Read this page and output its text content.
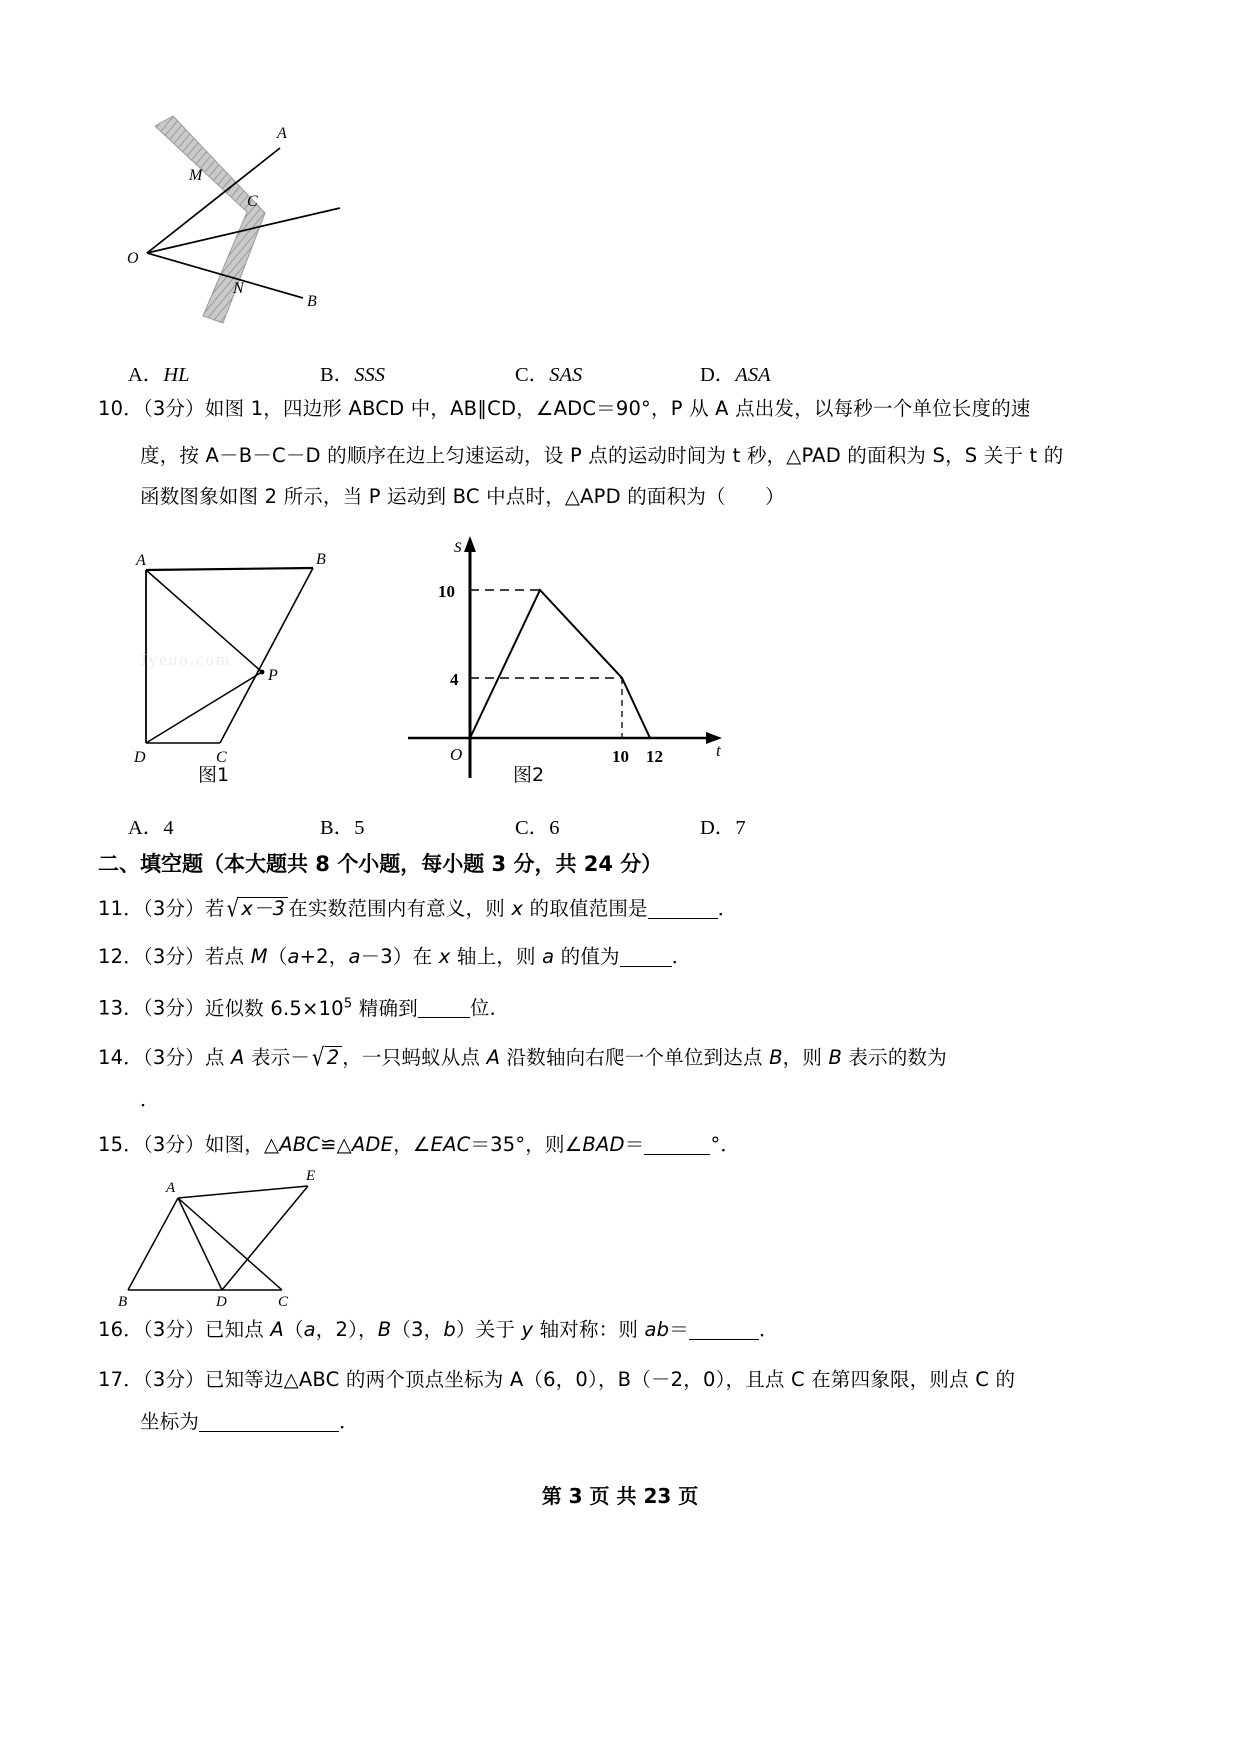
A
B
C
O
M
N
A．HL	B．SSS	C．SAS	D．ASA
10．（3分）如图 1，四边形 ABCD 中，AB∥CD，∠ADC＝90°，P 从 A 点出发，以每秒一个单位长度的速
度，按 A－B－C－D 的顺序在边上匀速运动，设 P 点的运动时间为 t 秒，△PAD 的面积为 S，S 关于 t 的
函数图象如图 2 所示，当 P 运动到 BC 中点时，△APD 的面积为（　　）
A	B
C
D
P
图1
10
4
10 12
O
S
t
图2
A．4	B．5	C．6	D．7
二、填空题（本大题共 8 个小题，每小题 3 分，共 24 分）
11．（3分）若 √ x－3 在实数范围内有意义，则 x 的取值范围是	．
12．（3分）若点 M（a+2，a－3）在 x 轴上，则 a 的值为	．
13．（3分）近似数 $6.5\times 10^5$ 精确到	位．
14．（3分）点 A 表示－ √ 2 ，一只蚂蚁从点 A 沿数轴向右爬一个单位到达点 B，则 B 表示的数为
．
15．（3分）如图，△ABC≌△ADE，∠EAC＝35°，则∠BAD＝	°．
A
B	C
D
E
16．（3分）已知点 A（a，2），B（3，b）关于 y 轴对称：则 ab＝	．
17．（3分）已知等边△ABC 的两个顶点坐标为 A（6，0），B（－2，0），且点 C 在第四象限，则点 C 的
坐标为	．
Jyeoo.com
第 3 页 共 23 页
